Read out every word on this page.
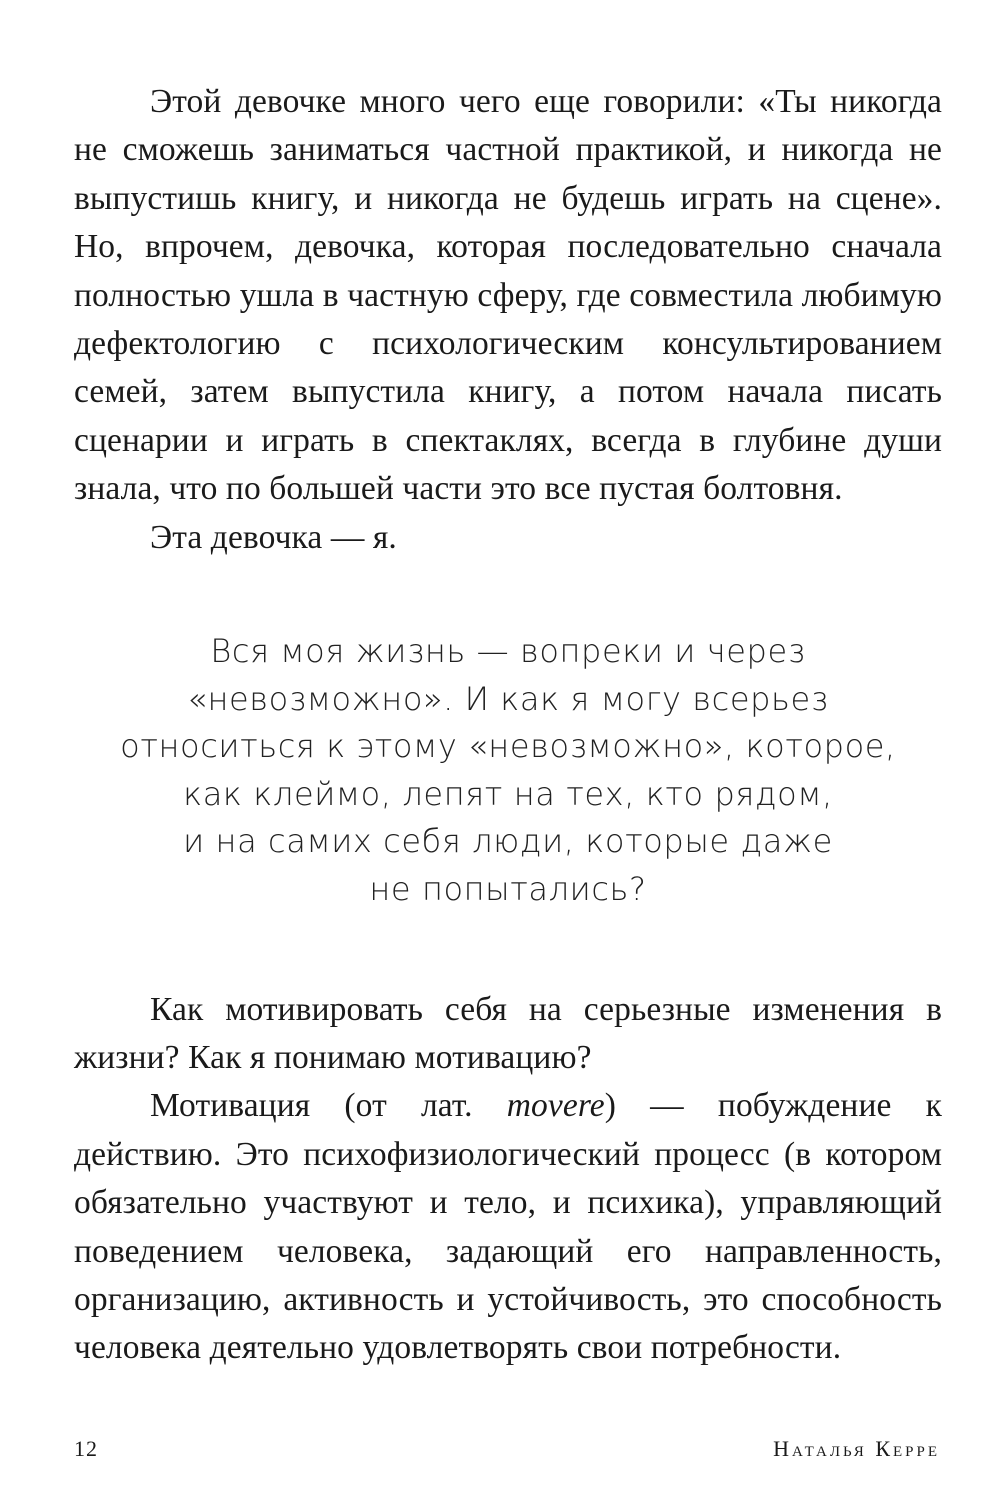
Этой девочке много чего еще говорили: «Ты никогда не сможешь заниматься частной практикой, и никогда не выпустишь книгу, и никогда не будешь играть на сцене». Но, впрочем, девочка, которая последовательно сначала полностью ушла в частную сферу, где совместила любимую дефектологию с психологическим консультированием семей, затем выпустила книгу, а потом начала писать сценарии и играть в спектаклях, всегда в глубине души знала, что по большей части это все пустая болтовня.

Эта девочка — я.

Вся моя жизнь — вопреки и через
«невозможно». И как я могу всерьез
относиться к этому «невозможно», которое,
как клеймо, лепят на тех, кто рядом,
и на самих себя люди, которые даже
не попытались?

Как мотивировать себя на серьезные изменения в жизни? Как я понимаю мотивацию?

Мотивация (от лат. movere) — побуждение к действию. Это психофизиологический процесс (в котором обязательно участвуют и тело, и психика), управляющий поведением человека, задающий его направленность, организацию, активность и устойчивость, это способность человека деятельно удовлетворять свои потребности.

12	Наталья Керре
